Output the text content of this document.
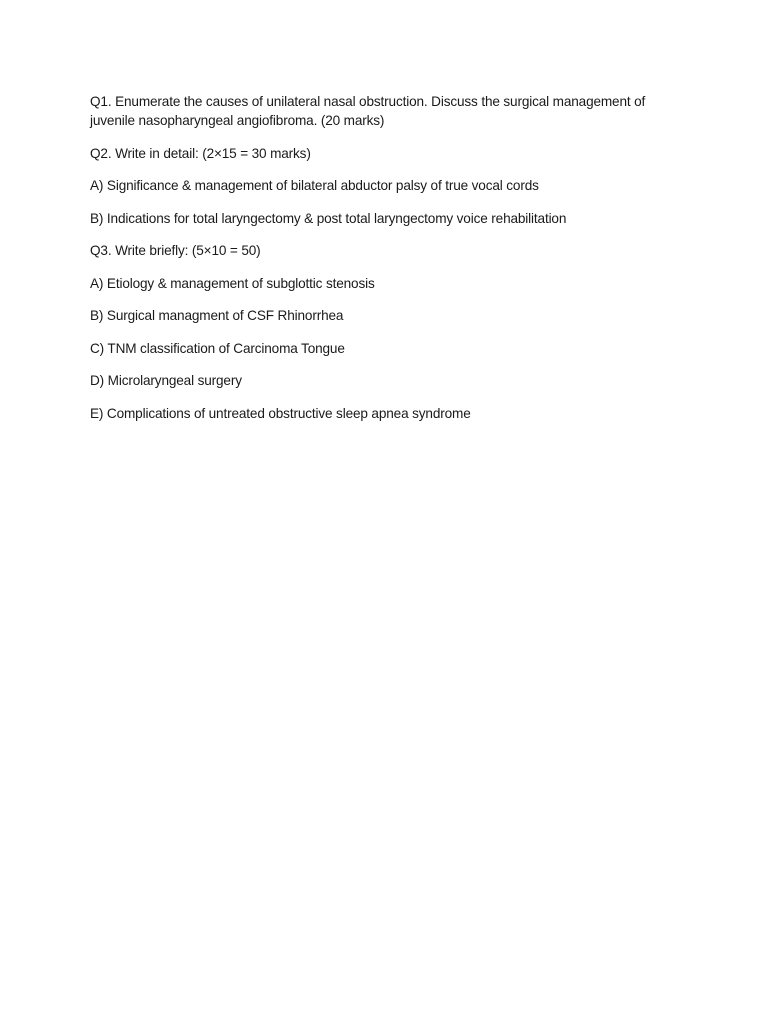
Q1. Enumerate the causes of unilateral nasal obstruction. Discuss the surgical management of juvenile nasopharyngeal angiofibroma. (20 marks)

Q2. Write in detail: (2×15 = 30 marks)

A) Significance & management of bilateral abductor palsy of true vocal cords

B) Indications for total laryngectomy & post total laryngectomy voice rehabilitation

Q3. Write briefly: (5×10 = 50)

A) Etiology & management of subglottic stenosis

B) Surgical managment of CSF Rhinorrhea

C) TNM classification of Carcinoma Tongue

D) Microlaryngeal surgery

E) Complications of untreated obstructive sleep apnea syndrome
